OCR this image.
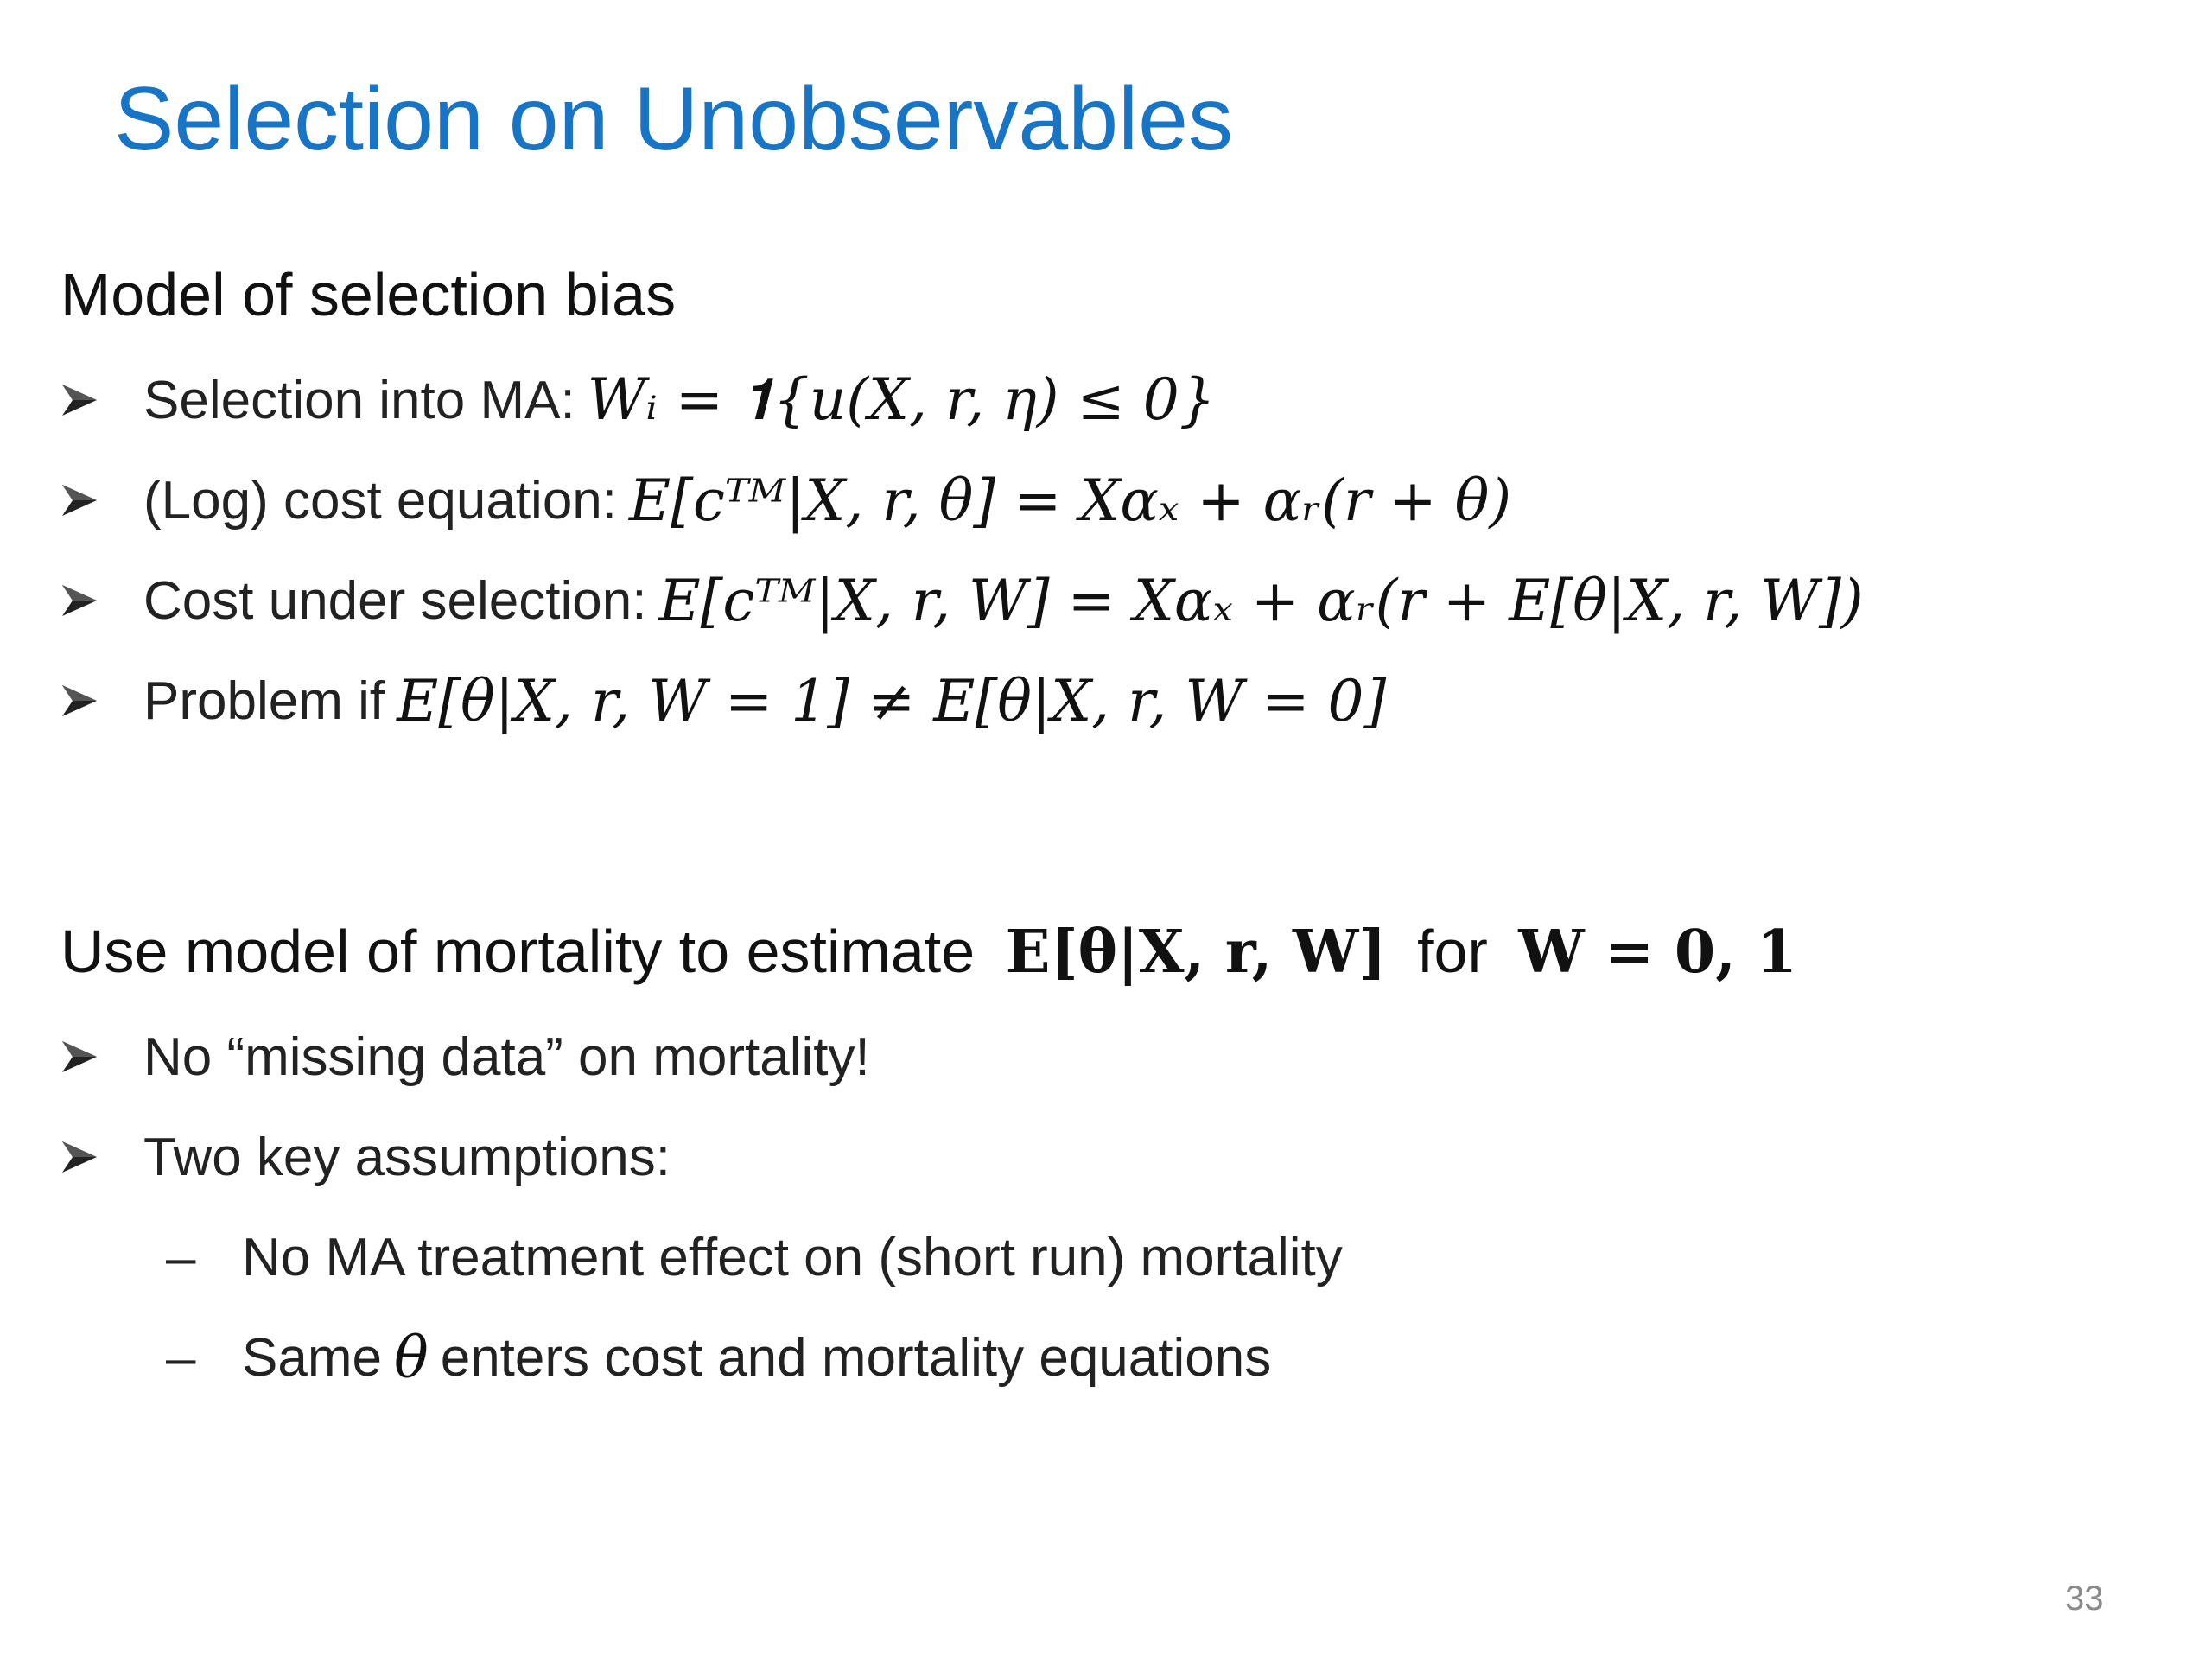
Selection on Unobservables
Model of selection bias
Selection into MA: Wᵢ = 𝟏{u(X, r, η) ≤ 0}
(Log) cost equation: E[cᵀᴹ|X, r, θ] = Xαₓ + αᵣ(r + θ)
Cost under selection: E[cᵀᴹ|X, r, W] = Xαₓ + αᵣ(r + E[θ|X, r, W])
Problem if E[θ|X, r, W = 1] ≠ E[θ|X, r, W = 0]
Use model of mortality to estimate E[θ|X, r, W] for W = 0, 1
No “missing data” on mortality!
Two key assumptions:
– No MA treatment effect on (short run) mortality
– Same θ enters cost and mortality equations
33
